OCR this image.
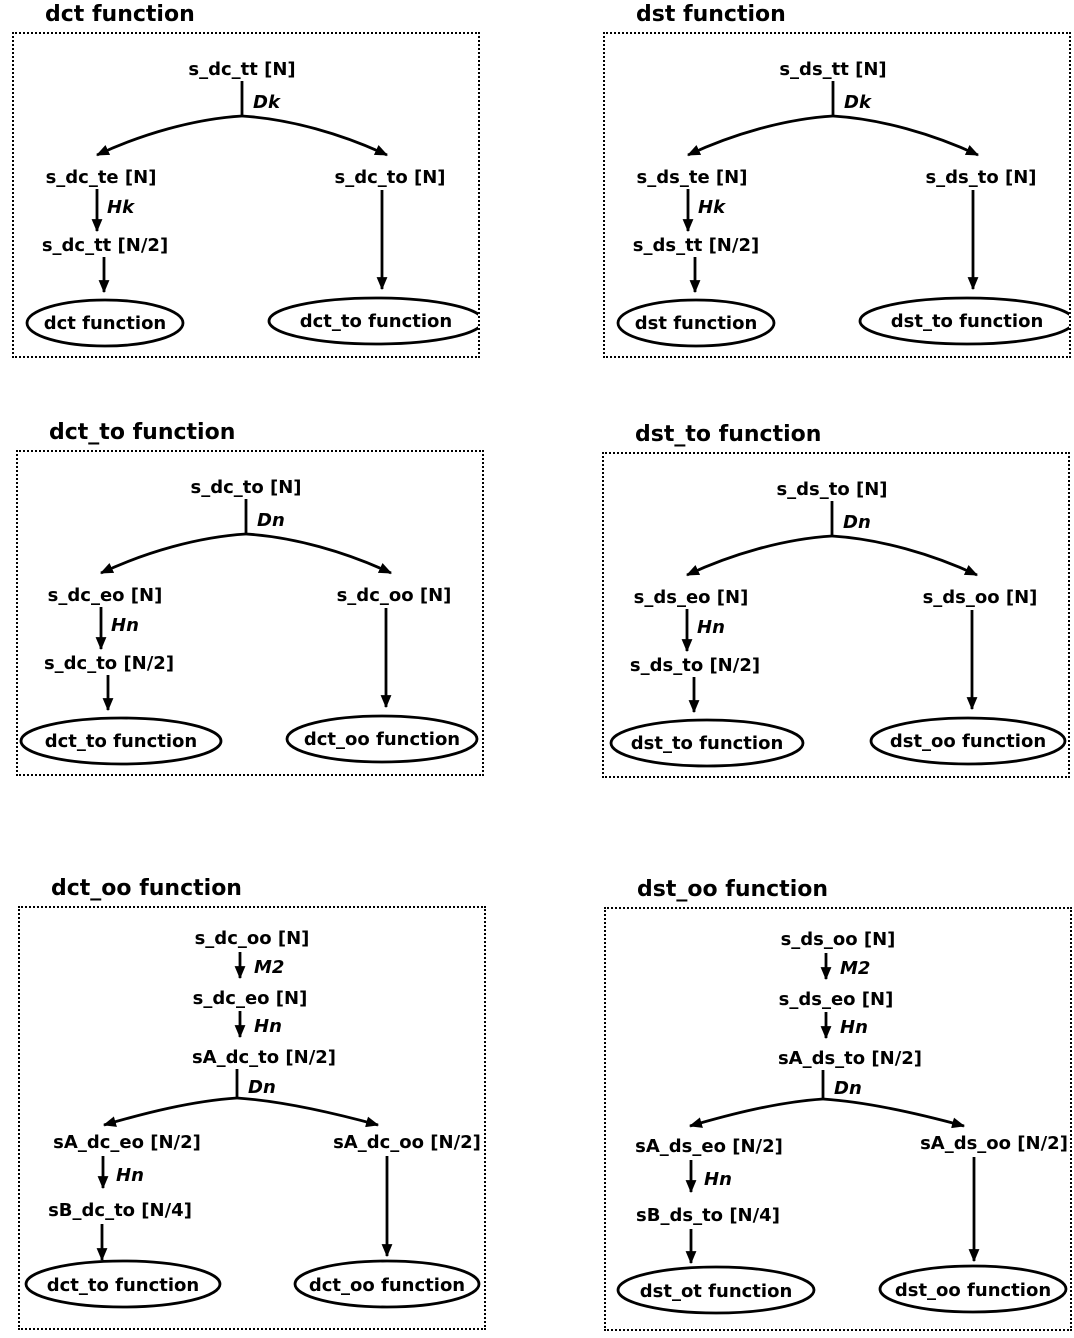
dct function
s_dc_tt [N]
Dk
s_dc_te [N]
Hk
s_dc_tt [N/2]
dct function
s_dc_to [N]
dct_to function
dst function
s_ds_tt [N]
Dk
s_ds_te [N]
Hk
s_ds_tt [N/2]
dst function
s_ds_to [N]
dst_to function
dct_to function
s_dc_to [N]
Dn
s_dc_eo [N]
Hn
s_dc_to [N/2]
dct_to function
s_dc_oo [N]
dct_oo function
dst_to function
s_ds_to [N]
Dn
s_ds_eo [N]
Hn
s_ds_to [N/2]
dst_to function
s_ds_oo [N]
dst_oo function
dct_oo function
s_dc_oo [N]
M2
s_dc_eo [N]
Hn
sA_dc_to [N/2]
Dn
sA_dc_eo [N/2]
Hn
sB_dc_to [N/4]
dct_to function
sA_dc_oo [N/2]
dct_oo function
dst_oo function
s_ds_oo [N]
M2
s_ds_eo [N]
Hn
sA_ds_to [N/2]
Dn
sA_ds_eo [N/2]
Hn
sB_ds_to [N/4]
dst_ot function
sA_ds_oo [N/2]
dst_oo function
